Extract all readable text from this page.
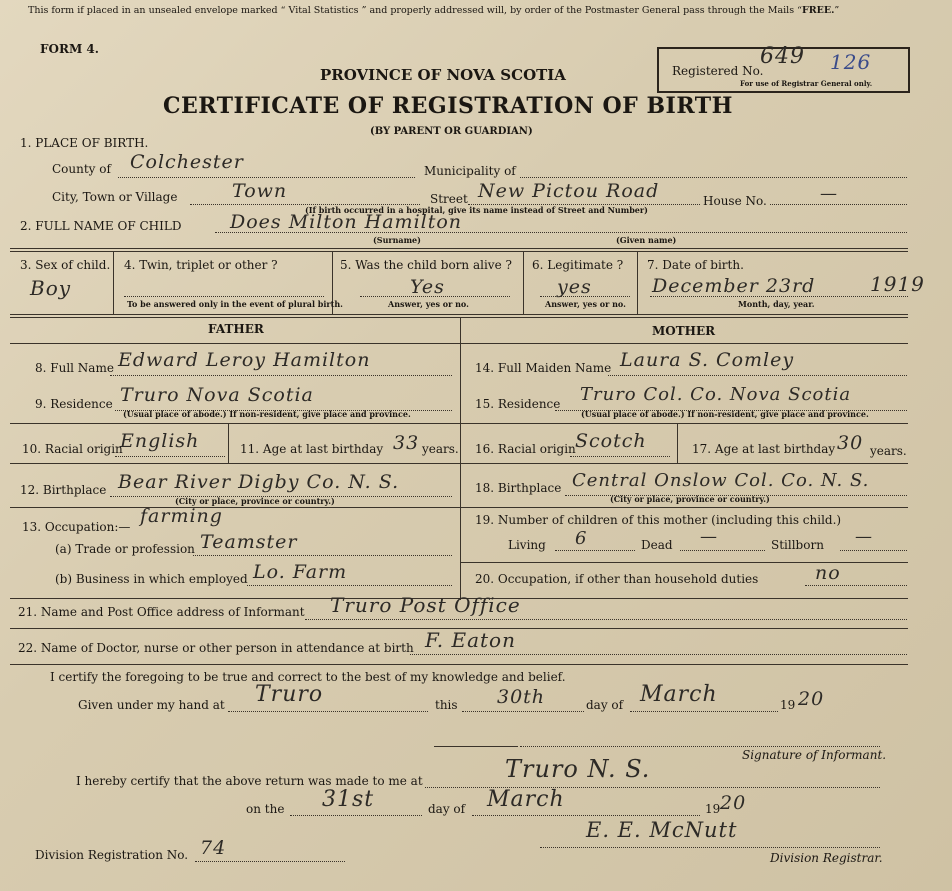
This form if placed in an unsealed envelope marked “ Vital Statistics ” and properly addressed will, by order of the Postmaster General pass through the Mails “FREE.”
FORM 4.
PROVINCE OF NOVA SCOTIA
CERTIFICATE OF REGISTRATION OF BIRTH
(BY PARENT OR GUARDIAN)
Registered No.
649 126
For use of Registrar General only.
1. PLACE OF BIRTH.
County of Colchester	Municipality of
City, Town or Village	Town	Street New Pictou Road	House No.	—
(If birth occurred in a hospital, give its name instead of Street and Number)
2. FULL NAME OF CHILD	Does Milton Hamilton
(Surname)	(Given name)
3. Sex of child.
Boy
4. Twin, triplet or other ?
To be answered only in the event of plural birth.
5. Was the child born alive ?
Yes
Answer, yes or no.
6. Legitimate ?
yes
Answer, yes or no.
7. Date of birth.
December 23rd	1919
Month, day, year.
FATHER
8. Full Name Edward Leroy Hamilton
9. Residence Truro Nova Scotia
(Usual place of abode.) If non-resident, give place and province.
10. Racial origin
English	11. Age at last birthday 33 years.
12. Birthplace Bear River Digby Co. N. S.
(City or place, province or country.)
13. Occupation:— farming
(a) Trade or profession Teamster
(b) Business in which employed Lo. Farm
MOTHER
14. Full Maiden Name Laura S. Comley
15. Residence Truro Col. Co. Nova Scotia
(Usual place of abode.) If non-resident, give place and province.
16. Racial origin Scotch	17. Age at last birthday 30 years.
18. Birthplace Central Onslow Col. Co. N. S.
(City or place, province or country.)
19. Number of children of this mother (including this child.)
Living 6	Dead —	Stillborn —
20. Occupation, if other than household duties	no
21. Name and Post Office address of Informant Truro Post Office
22. Name of Doctor, nurse or other person in attendance at birth F. Eaton
I certify the foregoing to be true and correct to the best of my knowledge and belief.
Given under my hand at Truro	this 30th	day of March	19 20
Signature of Informant.
I hereby certify that the above return was made to me at	Truro N. S.
on the 31st	day of March	19 20
E. E. McNutt
Division Registration No. 74	Division Registrar.
